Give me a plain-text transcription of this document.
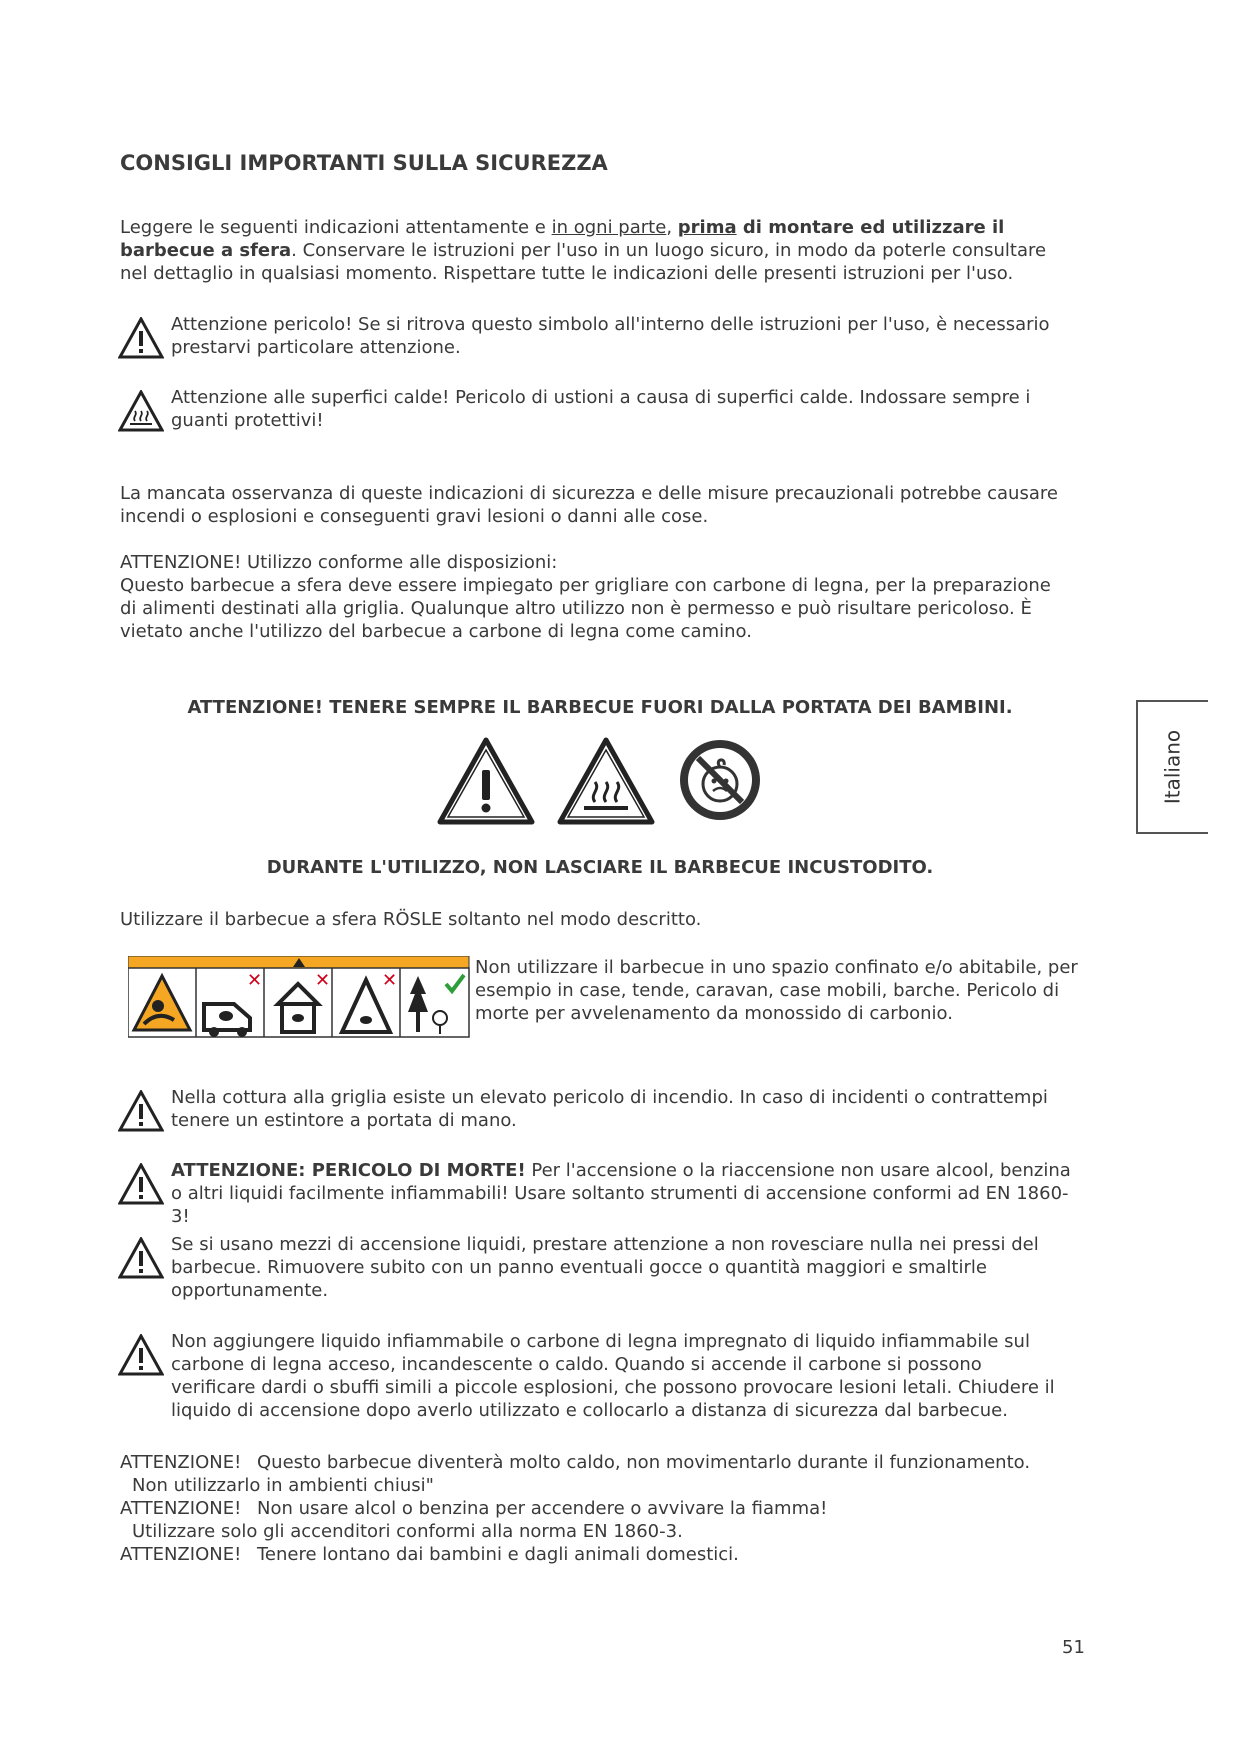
CONSIGLI IMPORTANTI SULLA SICUREZZA
Leggere le seguenti indicazioni attentamente e in ogni parte, prima di montare ed utilizzare il barbecue a sfera. Conservare le istruzioni per l'uso in un luogo sicuro, in modo da poterle consultare nel dettaglio in qualsiasi momento. Rispettare tutte le indicazioni delle presenti istruzioni per l'uso.
Attenzione pericolo! Se si ritrova questo simbolo all'interno delle istruzioni per l'uso, è necessario prestarvi particolare attenzione.
Attenzione alle superfici calde! Pericolo di ustioni a causa di superfici calde. Indossare sempre i guanti protettivi!
La mancata osservanza di queste indicazioni di sicurezza e delle misure precauzionali potrebbe causare incendi o esplosioni e conseguenti gravi lesioni o danni alle cose.
ATTENZIONE! Utilizzo conforme alle disposizioni:
Questo barbecue a sfera deve essere impiegato per grigliare con carbone di legna, per la preparazione di alimenti destinati alla griglia. Qualunque altro utilizzo non è permesso e può risultare pericoloso. È vietato anche l'utilizzo del barbecue a carbone di legna come camino.
ATTENZIONE! TENERE SEMPRE IL BARBECUE FUORI DALLA PORTATA DEI BAMBINI.
DURANTE L'UTILIZZO, NON LASCIARE IL BARBECUE INCUSTODITO.
Utilizzare il barbecue a sfera RÖSLE soltanto nel modo descritto.
✕	✕	✕
Non utilizzare il barbecue in uno spazio confinato e/o abitabile, per esempio in case, tende, caravan, case mobili, barche. Pericolo di morte per avvelenamento da monossido di carbonio.
Nella cottura alla griglia esiste un elevato pericolo di incendio. In caso di incidenti o contrattempi tenere un estintore a portata di mano.
ATTENZIONE: PERICOLO DI MORTE! Per l'accensione o la riaccensione non usare alcool, benzina o altri liquidi facilmente infiammabili! Usare soltanto strumenti di accensione conformi ad EN 1860-3!
Se si usano mezzi di accensione liquidi, prestare attenzione a non rovesciare nulla nei pressi del barbecue. Rimuovere subito con un panno eventuali gocce o quantità maggiori e smaltirle opportunamente.
Non aggiungere liquido infiammabile o carbone di legna impregnato di liquido infiammabile sul carbone di legna acceso, incandescente o caldo. Quando si accende il carbone si possono verificare dardi o sbuffi simili a piccole esplosioni, che possono provocare lesioni letali. Chiudere il liquido di accensione dopo averlo utilizzato e collocarlo a distanza di sicurezza dal barbecue.
ATTENZIONE! Questo barbecue diventerà molto caldo, non movimentarlo durante il funzionamento.
Non utilizzarlo in ambienti chiusi"
ATTENZIONE! Non usare alcol o benzina per accendere o avvivare la fiamma!
Utilizzare solo gli accenditori conformi alla norma EN 1860-3.
ATTENZIONE! Tenere lontano dai bambini e dagli animali domestici.
Italiano
51
